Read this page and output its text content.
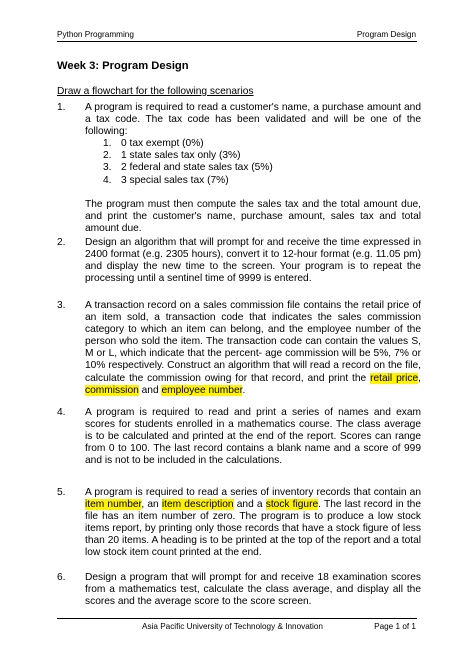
Python Programming	Program Design
Week 3: Program Design
Draw a flowchart for the following scenarios
1.	A program is required to read a customer's name, a purchase amount and a tax code. The tax code has been validated and will be one of the following:
1. 0 tax exempt (0%)
2. 1 state sales tax only (3%)
3. 2 federal and state sales tax (5%)
4. 3 special sales tax (7%)
The program must then compute the sales tax and the total amount due, and print the customer's name, purchase amount, sales tax and total amount due.
2.	Design an algorithm that will prompt for and receive the time expressed in 2400 format (e.g. 2305 hours), convert it to 12-hour format (e.g. 11.05 pm) and display the new time to the screen. Your program is to repeat the processing until a sentinel time of 9999 is entered.
3.	A transaction record on a sales commission file contains the retail price of an item sold, a transaction code that indicates the sales commission category to which an item can belong, and the employee number of the person who sold the item. The transaction code can contain the values S, M or L, which indicate that the percent- age commission will be 5%, 7% or 10% respectively. Construct an algorithm that will read a record on the file, calculate the commission owing for that record, and print the retail price, commission and employee number.
4.	A program is required to read and print a series of names and exam scores for students enrolled in a mathematics course. The class average is to be calculated and printed at the end of the report. Scores can range from 0 to 100. The last record contains a blank name and a score of 999 and is not to be included in the calculations.
5.	A program is required to read a series of inventory records that contain an item number, an item description and a stock figure. The last record in the file has an item number of zero. The program is to produce a low stock items report, by printing only those records that have a stock figure of less than 20 items. A heading is to be printed at the top of the report and a total low stock item count printed at the end.
6.	Design a program that will prompt for and receive 18 examination scores from a mathematics test, calculate the class average, and display all the scores and the average score to the score screen.
Asia Pacific University of Technology & Innovation	Page 1 of 1
